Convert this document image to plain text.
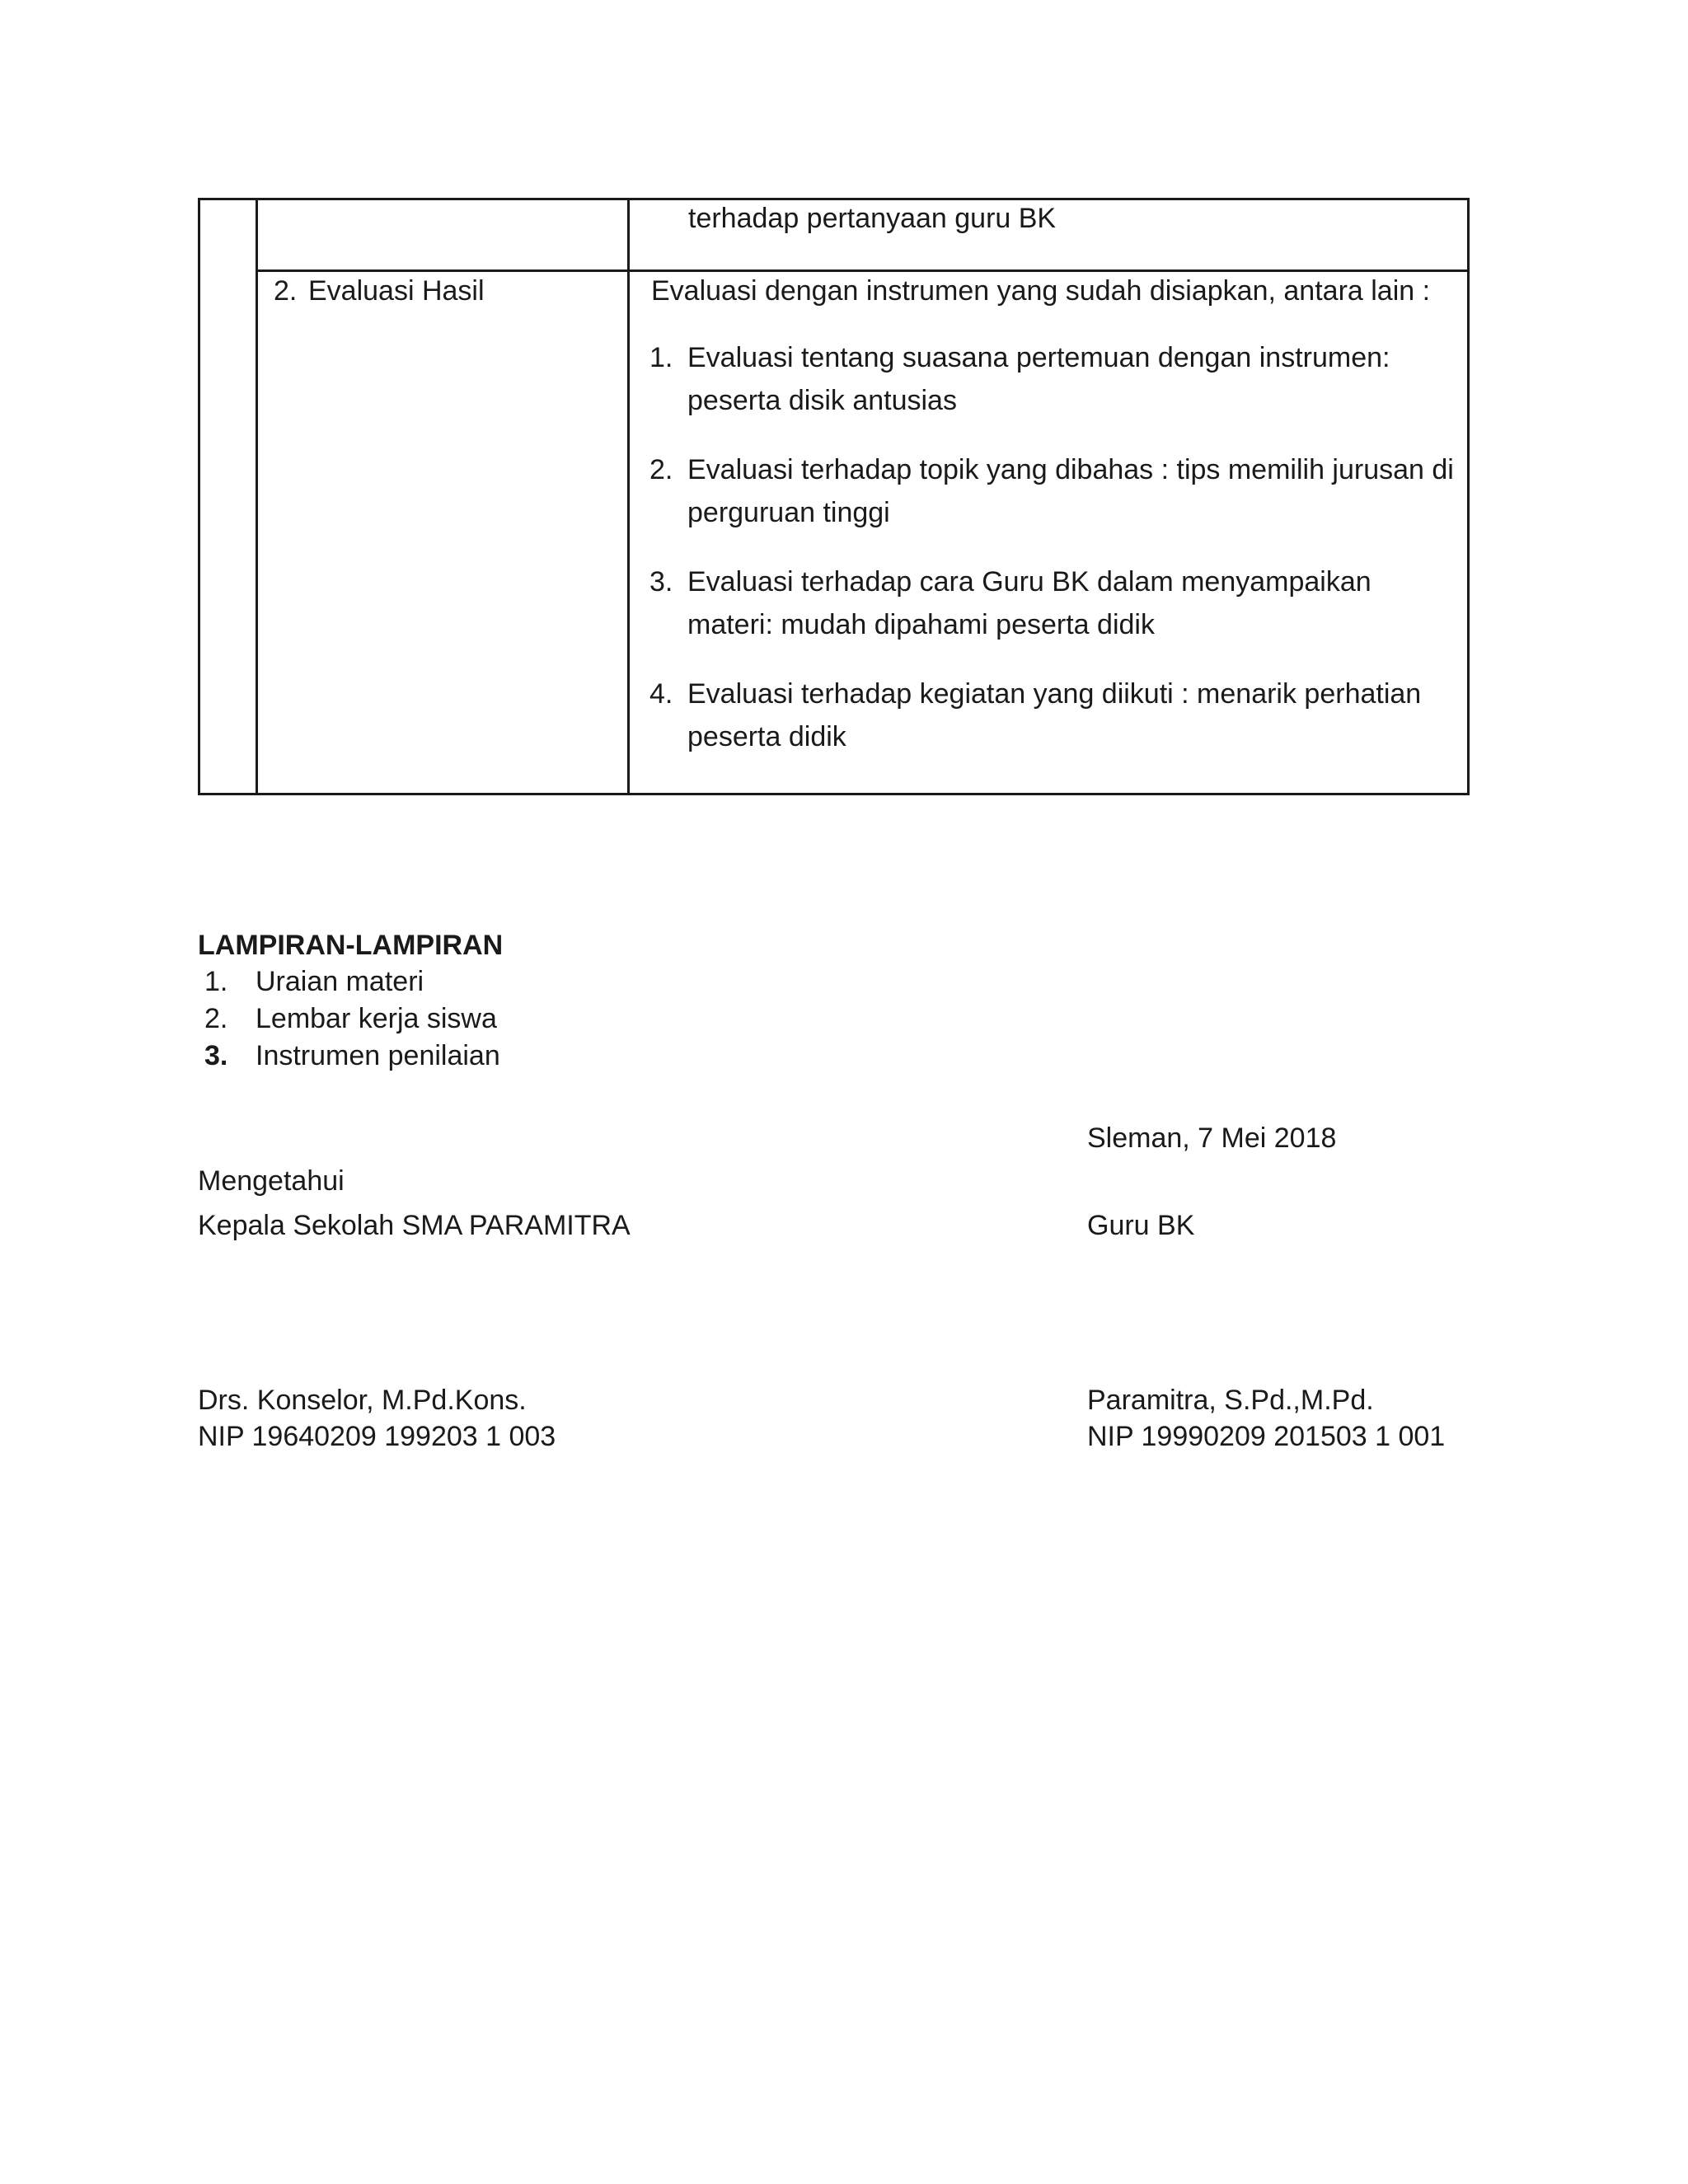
terhadap pertanyaan guru BK
2. Evaluasi Hasil	Evaluasi dengan instrumen yang sudah disiapkan, antara lain :
1. Evaluasi tentang suasana pertemuan dengan instrumen: peserta disik antusias
2. Evaluasi terhadap topik yang dibahas : tips memilih jurusan di perguruan tinggi
3. Evaluasi terhadap cara Guru BK dalam menyampaikan materi: mudah dipahami peserta didik
4. Evaluasi terhadap kegiatan yang diikuti : menarik perhatian peserta didik
LAMPIRAN-LAMPIRAN
1. Uraian materi
2. Lembar kerja siswa
3. Instrumen penilaian
Sleman, 7 Mei 2018
Mengetahui
Kepala Sekolah SMA PARAMITRA	Guru BK
Drs. Konselor, M.Pd.Kons.
NIP 19640209 199203 1 003
Paramitra, S.Pd.,M.Pd.
NIP 19990209 201503 1 001
